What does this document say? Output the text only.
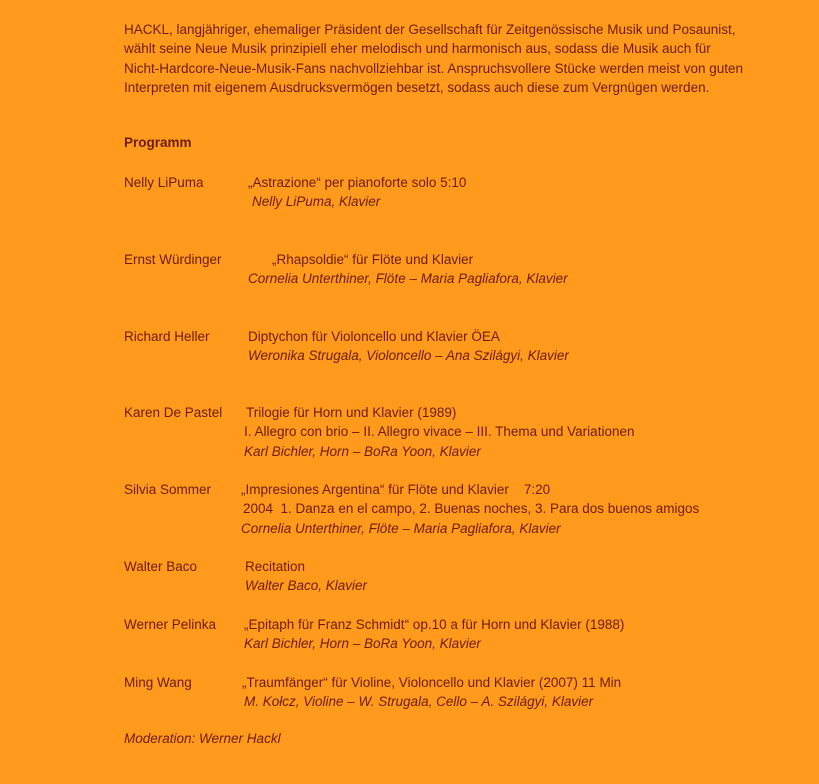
HACKL, langjähriger, ehemaliger Präsident der Gesellschaft für Zeitgenössische Musik und Posaunist,

wählt seine Neue Musik prinzipiell eher melodisch und harmonisch aus, sodass die Musik auch für

Nicht-Hardcore-Neue-Musik-Fans nachvollziehbar ist. Anspruchsvollere Stücke werden meist von guten

Interpreten mit eigenem Ausdrucksvermögen besetzt, sodass auch diese zum Vergnügen werden.

Programm
Nelly LiPuma	„Astrazione“ per pianoforte solo 5:10
Nelly LiPuma, Klavier
Ernst Würdinger	„Rhapsoldie“ für Flöte und Klavier
Cornelia Unterthiner, Flöte – Maria Pagliafora, Klavier
Richard Heller	Diptychon für Violoncello und Klavier ÖEA
Weronika Strugala, Violoncello – Ana Szilágyi, Klavier
Karen De Pastel Trilogie für Horn und Klavier (1989)
I. Allegro con brio – II. Allegro vivace – III. Thema und Variationen
Karl Bichler, Horn – BoRa Yoon, Klavier
Silvia Sommer „Impresiones Argentina“ für Flöte und Klavier    7:20
2004  1. Danza en el campo, 2. Buenas noches, 3. Para dos buenos amigos
Cornelia Unterthiner, Flöte – Maria Pagliafora, Klavier
Walter Baco	Recitation
Walter Baco, Klavier
Werner Pelinka „Epitaph für Franz Schmidt“ op.10 a für Horn und Klavier (1988)
Karl Bichler, Horn – BoRa Yoon, Klavier
Ming Wang	„Traumfänger“ für Violine, Violoncello und Klavier (2007) 11 Min
M. Kołcz, Violine – W. Strugala, Cello – A. Szilágyi, Klavier
Moderation: Werner Hackl
